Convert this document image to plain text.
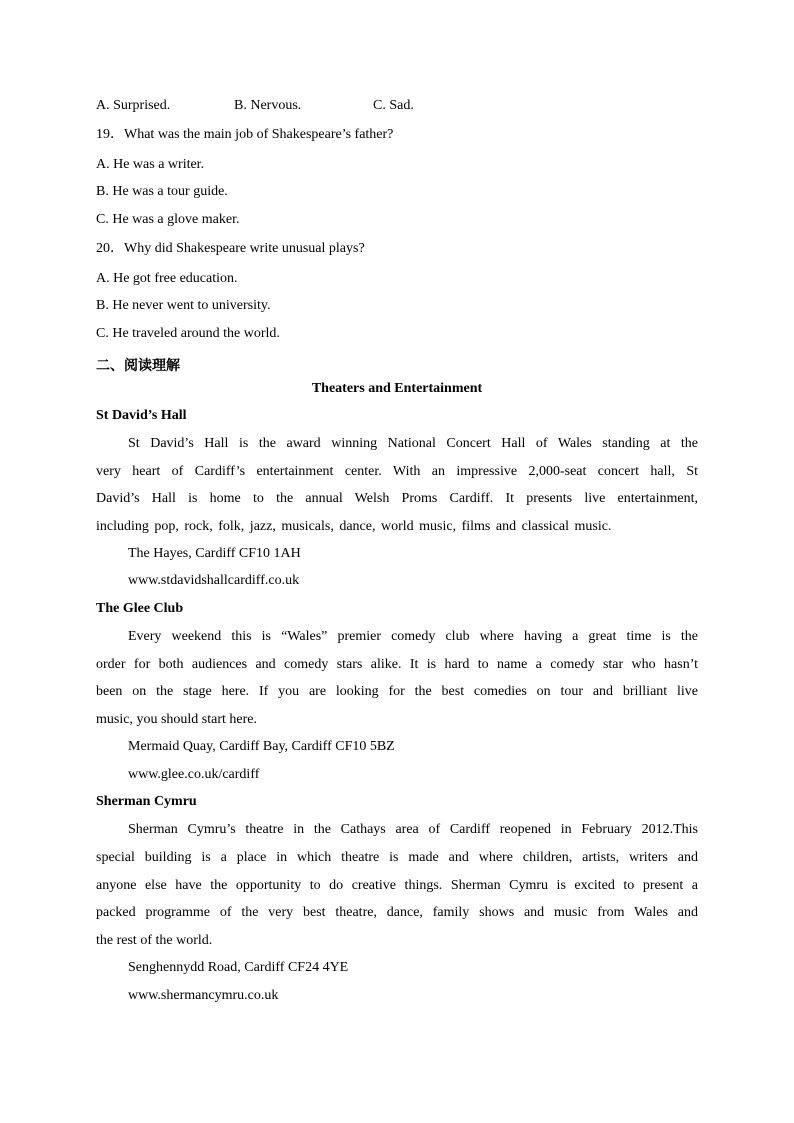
A. Surprised.	B. Nervous.	C. Sad.
19．What was the main job of Shakespeare’s father?
A. He was a writer.
B. He was a tour guide.
C. He was a glove maker.
20．Why did Shakespeare write unusual plays?
A. He got free education.
B. He never went to university.
C. He traveled around the world.
二、阅读理解
Theaters and Entertainment
St David’s Hall
St David’s Hall is the award winning National Concert Hall of Wales standing at the
very heart of Cardiff’s entertainment center. With an impressive 2,000-seat concert hall, St
David’s Hall is home to the annual Welsh Proms Cardiff. It presents live entertainment,
including pop, rock, folk, jazz, musicals, dance, world music, films and classical music.
The Hayes, Cardiff CF10 1AH
www.stdavidshallcardiff.co.uk
The Glee Club
Every weekend this is “Wales” premier comedy club where having a great time is the
order for both audiences and comedy stars alike. It is hard to name a comedy star who hasn’t
been on the stage here. If you are looking for the best comedies on tour and brilliant live
music, you should start here.
Mermaid Quay, Cardiff Bay, Cardiff CF10 5BZ
www.glee.co.uk/cardiff
Sherman Cymru
Sherman Cymru’s theatre in the Cathays area of Cardiff reopened in February 2012.This
special building is a place in which theatre is made and where children, artists, writers and
anyone else have the opportunity to do creative things. Sherman Cymru is excited to present a
packed programme of the very best theatre, dance, family shows and music from Wales and
the rest of the world.
Senghennydd Road, Cardiff CF24 4YE
www.shermancymru.co.uk
